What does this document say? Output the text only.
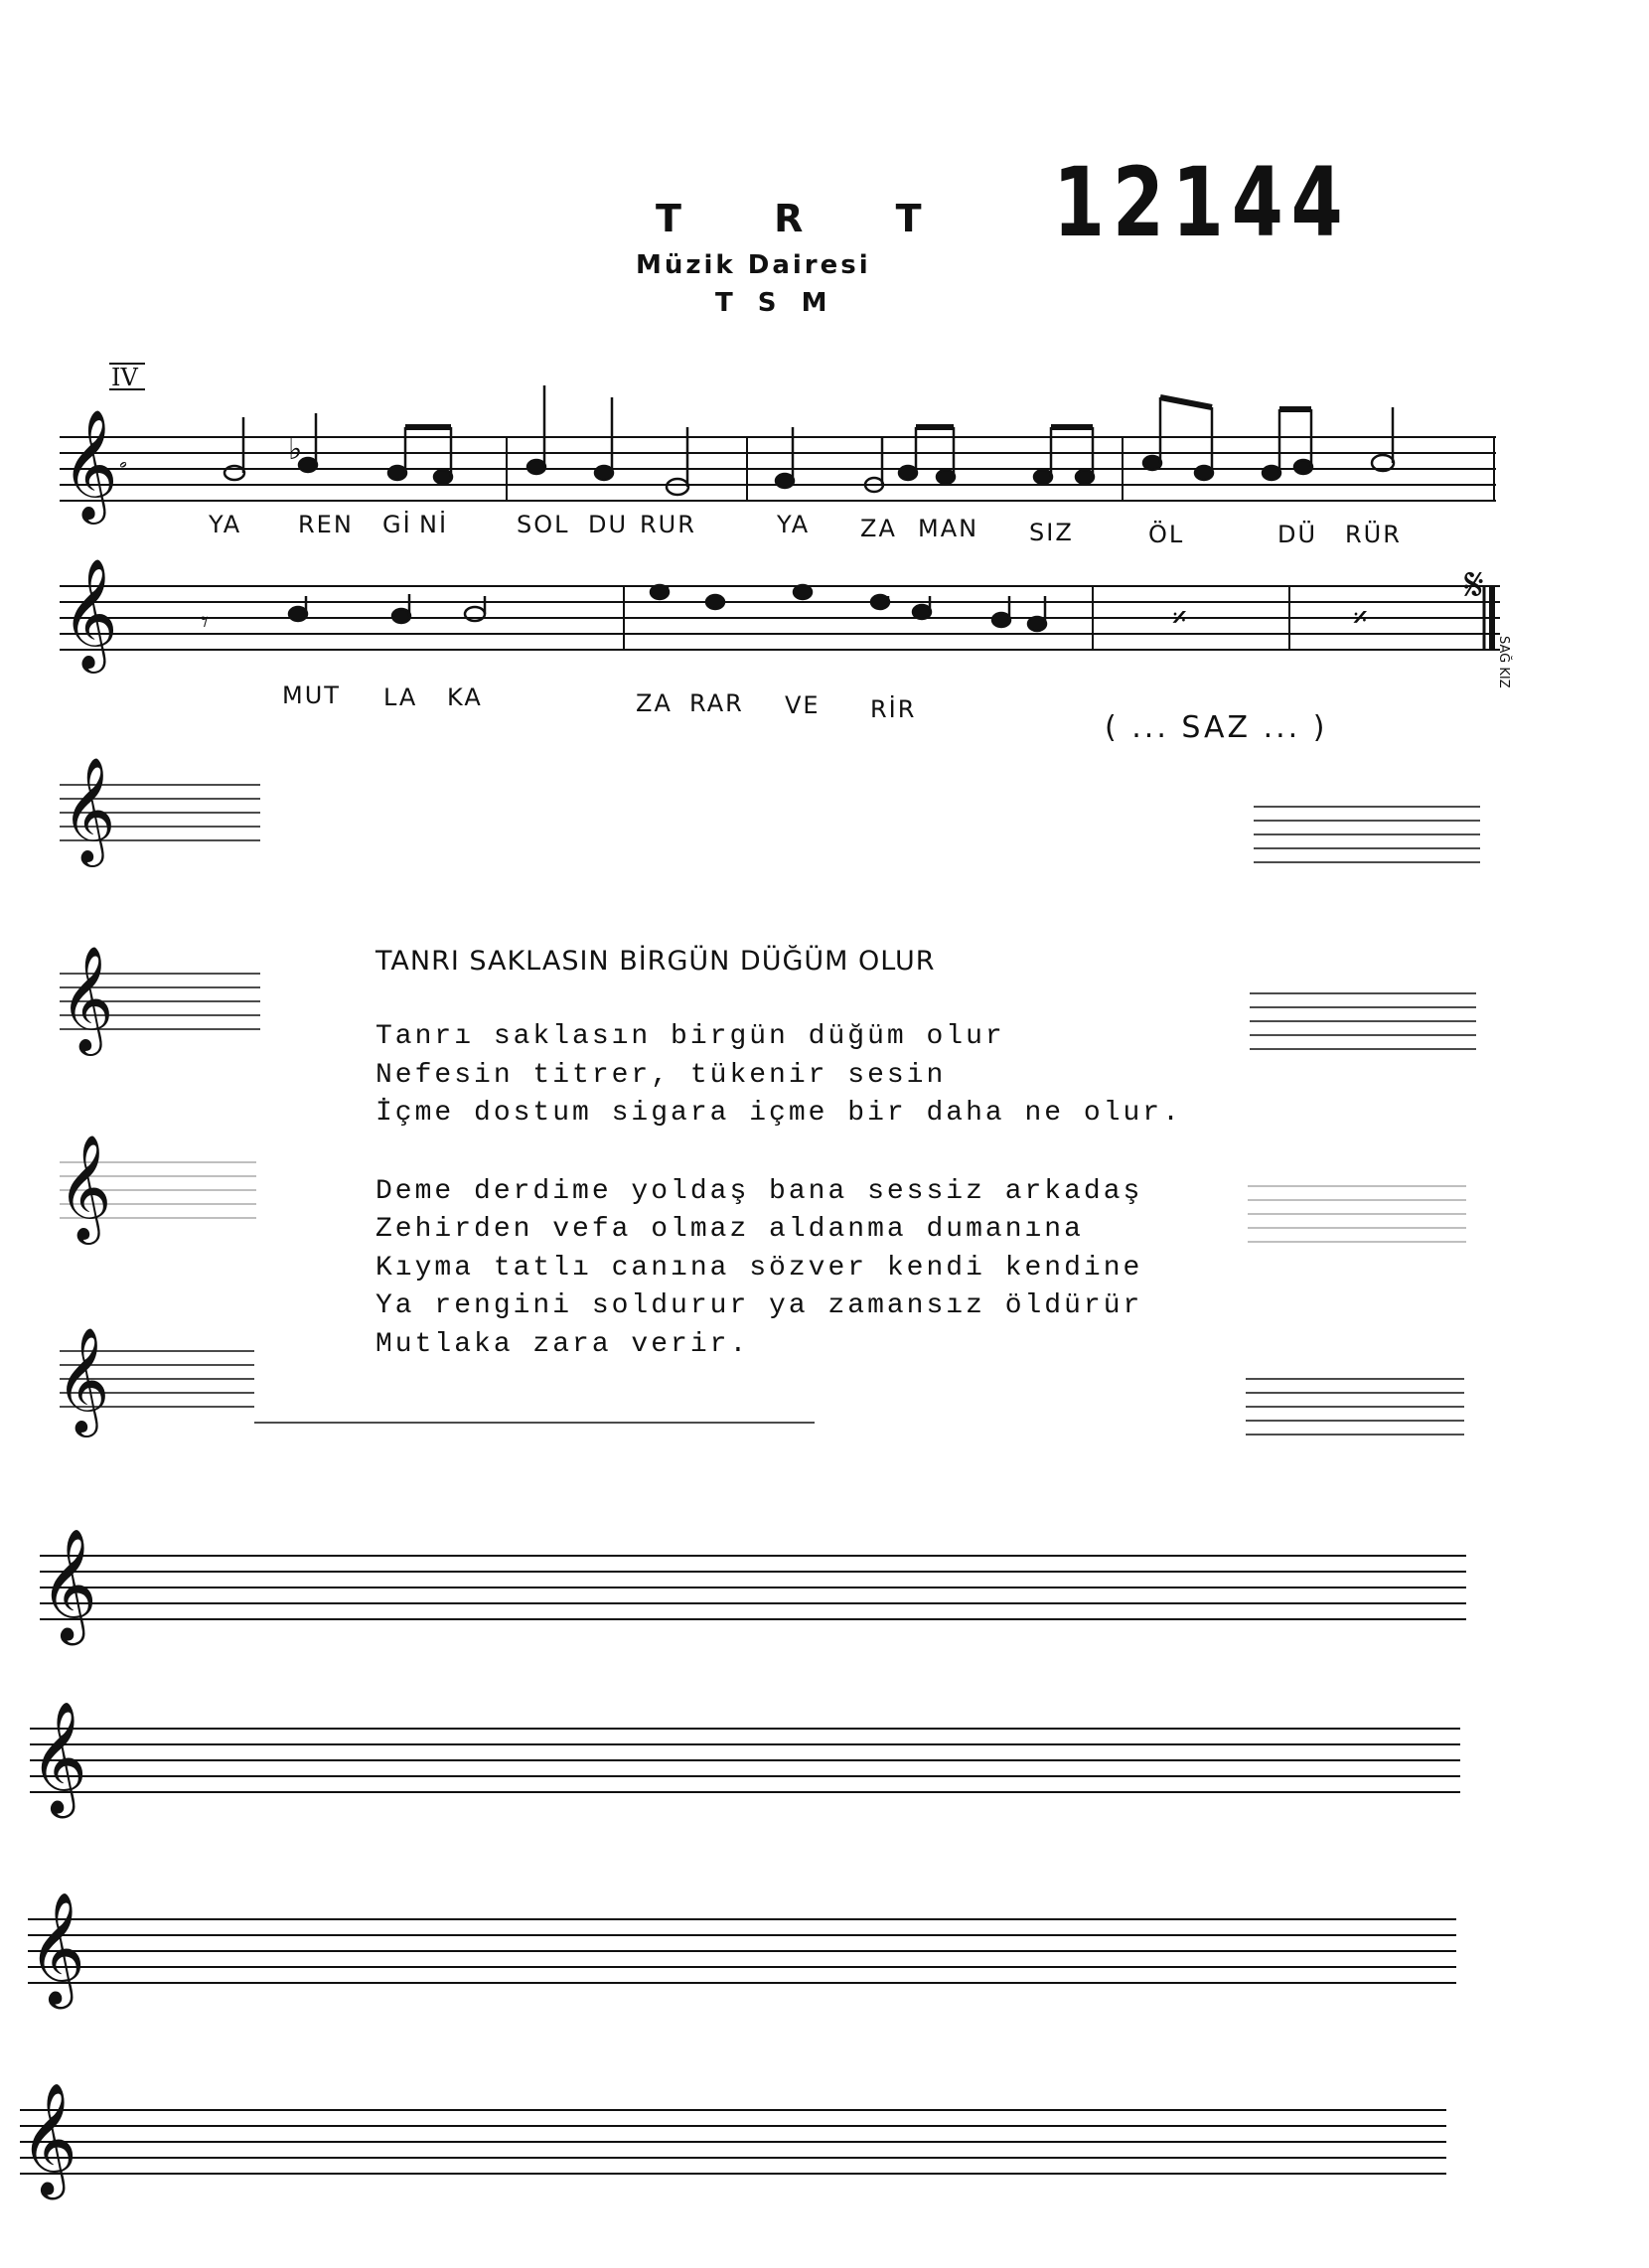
T R T
Müzik Dairesi
T S M
12144
𝄞 𝅗
IV
♭
YA REN Gİ Nİ	SOL DU RUR	YA ZA MAN SIZ	ÖL	DÜ RÜR
𝄞	𝄾	𝄎	𝄎
𝄋
MUT LA KA	ZA RAR VE RİR
( ... SAZ ... )
SAĞ KIZ
𝄞
𝄞
𝄞
𝄞
𝄞
𝄞
𝄞
𝄞
TANRI SAKLASIN BİRGÜN DÜĞÜM OLUR
Tanrı saklasın birgün düğüm olur
Nefesin titrer, tükenir sesin
İçme dostum sigara içme bir daha ne olur.
Deme derdime yoldaş bana sessiz arkadaş
Zehirden vefa olmaz aldanma dumanına
Kıyma tatlı canına sözver kendi kendine
Ya rengini soldurur ya zamansız öldürür
Mutlaka zara verir.
